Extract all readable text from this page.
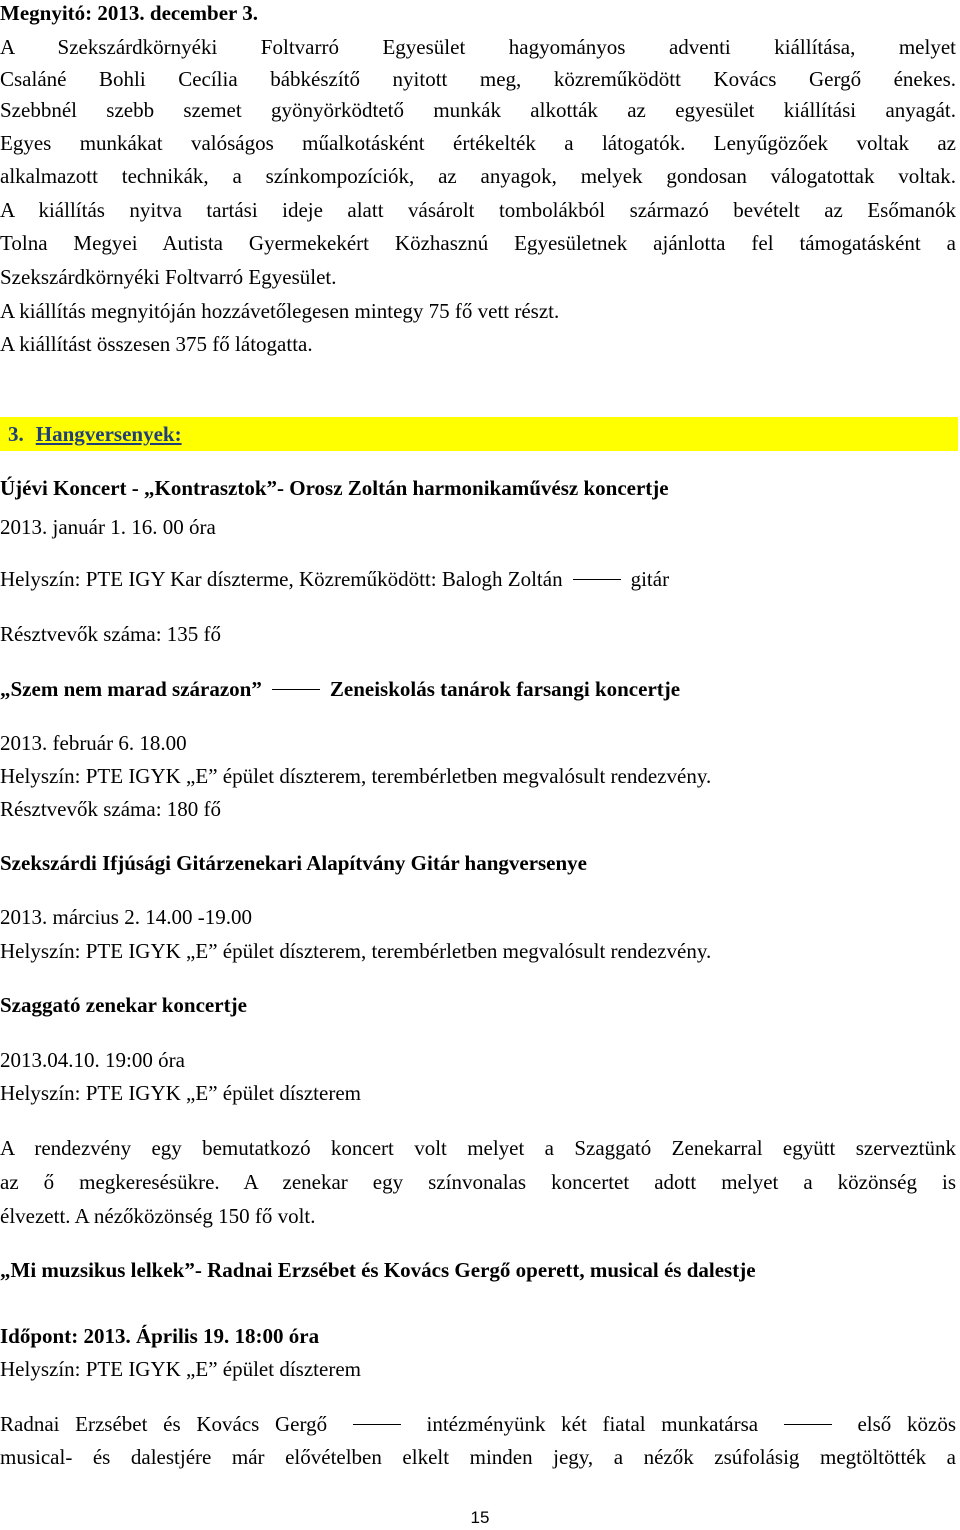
Megnyitó: 2013. december 3.
A Szekszárdkörnyéki Foltvarró Egyesület hagyományos adventi kiállítása, melyet
Csaláné Bohli Cecília bábkészítő nyitott meg, közreműködött Kovács Gergő énekes.
Szebbnél szebb szemet gyönyörködtető munkák alkották az egyesület kiállítási anyagát.
Egyes munkákat valóságos műalkotásként értékelték a látogatók. Lenyűgözőek voltak az
alkalmazott technikák, a színkompozíciók, az anyagok, melyek gondosan válogatottak voltak.
A kiállítás nyitva tartási ideje alatt vásárolt tombolákból származó bevételt az Esőmanók
Tolna Megyei Autista Gyermekekért Közhasznú Egyesületnek ajánlotta fel támogatásként a
Szekszárdkörnyéki Foltvarró Egyesület.
A kiállítás megnyitóján hozzávetőlegesen mintegy 75 fő vett részt.
A kiállítást összesen 375 fő látogatta.
3. Hangversenyek:
Újévi Koncert - „Kontrasztok”- Orosz Zoltán harmonikaművész koncertje
2013. január 1. 16. 00 óra
Helyszín: PTE IGY Kar díszterme, Közreműködött: Balogh Zoltán	gitár
Résztvevők száma: 135 fő
„Szem nem marad szárazon”	Zeneiskolás tanárok farsangi koncertje
2013. február 6. 18.00
Helyszín: PTE IGYK „E” épület díszterem, terembérletben megvalósult rendezvény.
Résztvevők száma: 180 fő
Szekszárdi Ifjúsági Gitárzenekari Alapítvány Gitár hangversenye
2013. március 2. 14.00 -19.00
Helyszín: PTE IGYK „E” épület díszterem, terembérletben megvalósult rendezvény.
Szaggató zenekar koncertje
2013.04.10. 19:00 óra
Helyszín: PTE IGYK „E” épület díszterem
A rendezvény egy bemutatkozó koncert volt melyet a Szaggató Zenekarral együtt szerveztünk
az ő megkeresésükre. A zenekar egy színvonalas koncertet adott melyet a közönség is
élvezett. A nézőközönség 150 fő volt.
„Mi muzsikus lelkek”- Radnai Erzsébet és Kovács Gergő operett, musical és dalestje
Időpont: 2013. Április 19. 18:00 óra
Helyszín: PTE IGYK „E” épület díszterem
Radnai Erzsébet és Kovács Gergő	intézményünk két fiatal munkatársa	első közös
musical- és dalestjére már elővételben elkelt minden jegy, a nézők zsúfolásig megtöltötték a
15
